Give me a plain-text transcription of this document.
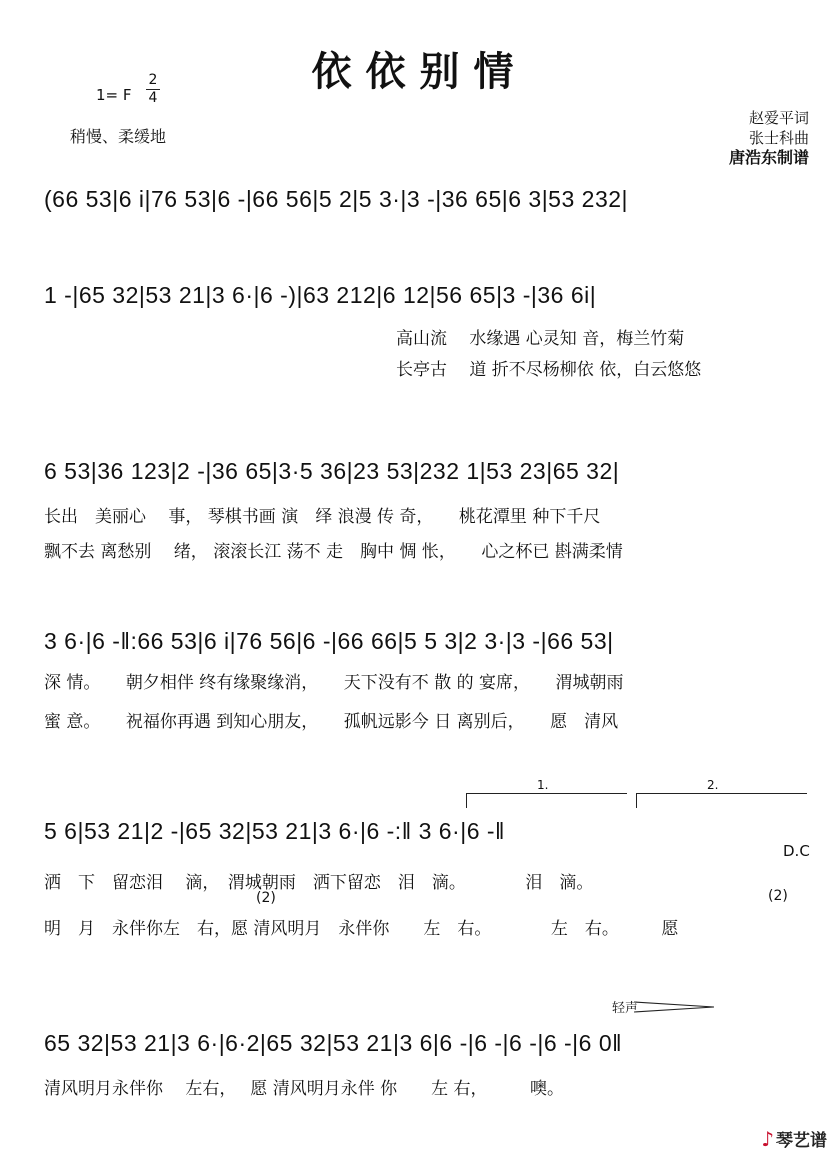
依依别情
1= F
2
4
稍慢、柔缓地
赵爱平词
张士科曲
唐浩东制谱
(66 53|6 i|76 53|6 -|66 56|5 2|5 3·|3 -|36 65|6 3|53 232|
1 -|65 32|53 21|3 6·|6 -)|63 212|6 12|56 65|3 -|36 6i|
高山流　 水缘遇 心灵知 音，梅兰竹菊
长亭古　 道 折不尽杨柳依 依，白云悠悠
6 53|36 123|2 -|36 65|3·5 36|23 53|232 1|53 23|65 32|
长出　美丽心　 事， 琴棋书画 演　绎 浪漫 传 奇，　　桃花潭里 种下千尺
飘不去 离愁别　 绪， 滚滚长江 荡不 走　胸中 惆 怅，　　心之杯已 斟满柔情
3 6·|6 -‖:66 53|6 i|76 56|6 -|66 66|5 5 3|2 3·|3 -|66 53|
深 情。　　朝夕相伴 终有缘聚缘消，　　天下没有不 散 的 宴席，　　渭城朝雨
蜜 意。　　祝福你再遇 到知心朋友，　　孤帆远影今 日 离别后，　　愿　清风
1.	2.
5 6|53 21|2 -|65 32|53 21|3 6·|6 -:‖ 3 6·|6 -‖
D.C
洒　下　留恋泪　 滴，　渭城朝雨　洒下留恋　泪　滴。　　　　泪　滴。
(2)	(2)
明　月　永伴你左　右，愿 清风明月　永伴你　　左　右。　　　　左　右。　　　愿
轻声
65 32|53 21|3 6·|6·2|65 32|53 21|3 6|6 -|6 -|6 -|6 -|6 0‖
清风明月永伴你　 左右，　 愿 清风明月永伴 你　　左 右，　　　噢。
♪ 琴艺谱
